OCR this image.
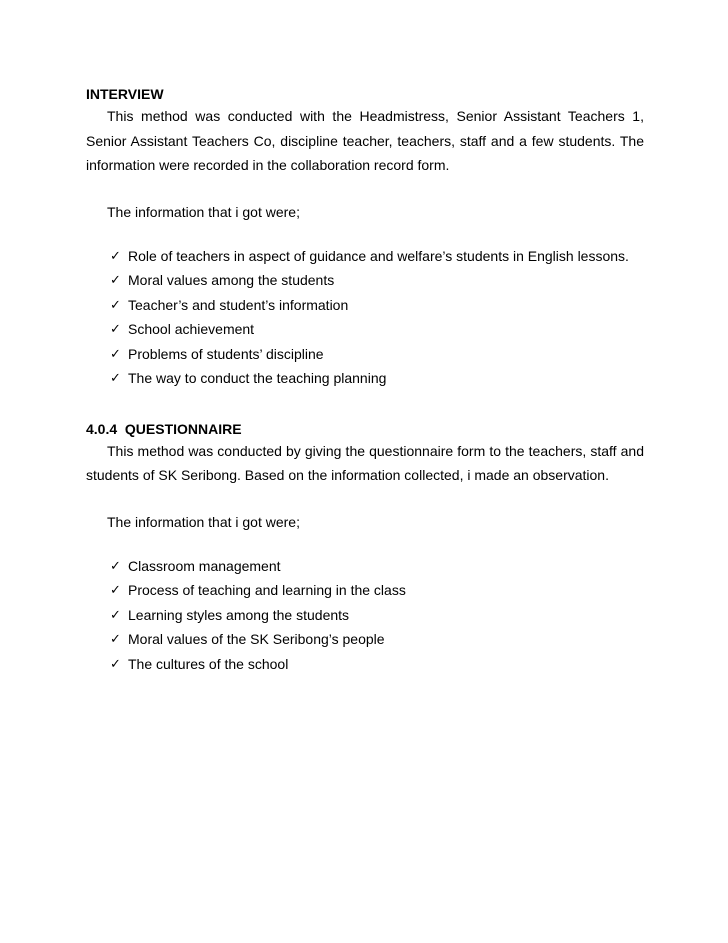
INTERVIEW

This method was conducted with the Headmistress, Senior Assistant Teachers 1, Senior Assistant Teachers Co, discipline teacher, teachers, staff and a few students. The information were recorded in the collaboration record form.

The information that i got were;

✓ Role of teachers in aspect of guidance and welfare’s students in English lessons.
✓ Moral values among the students
✓ Teacher’s and student’s information
✓ School achievement
✓ Problems of students’ discipline
✓ The way to conduct the teaching planning

4.0.4  QUESTIONNAIRE

This method was conducted by giving the questionnaire form to the teachers, staff and students of SK Seribong. Based on the information collected, i made an observation.

The information that i got were;

✓ Classroom management
✓ Process of teaching and learning in the class
✓ Learning styles among the students
✓ Moral values of the SK Seribong’s people
✓ The cultures of the school
